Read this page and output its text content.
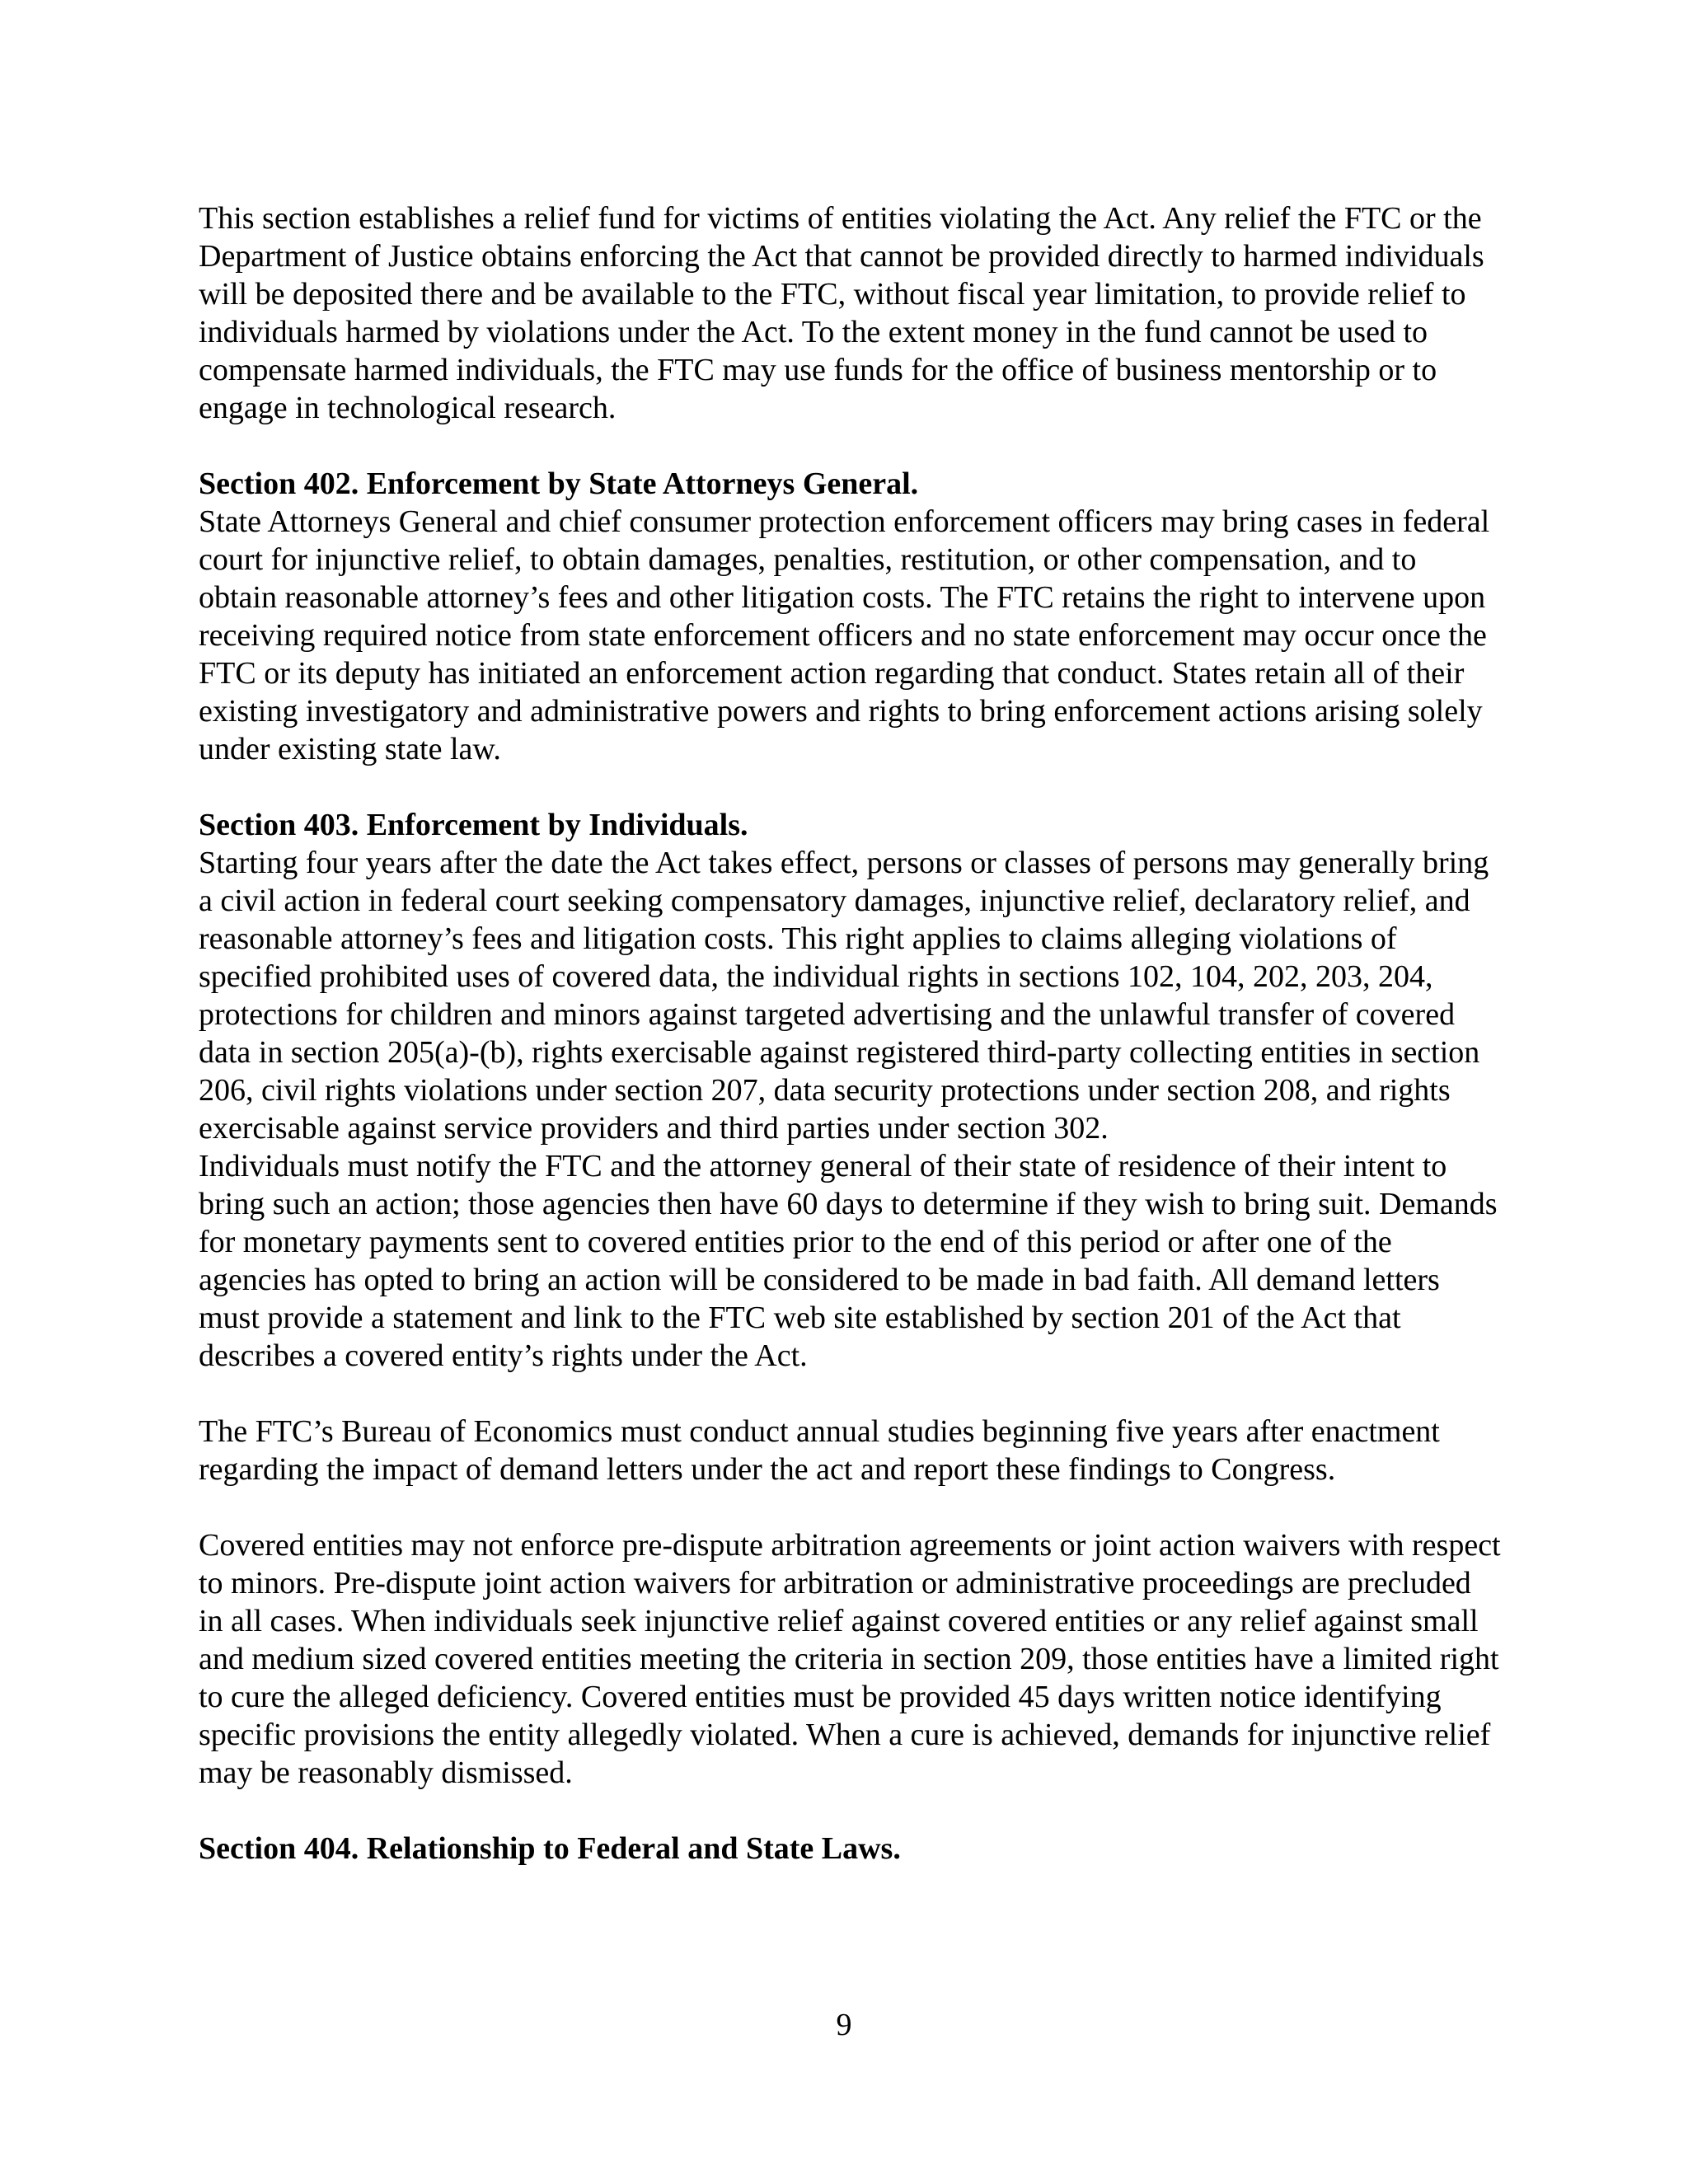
This section establishes a relief fund for victims of entities violating the Act. Any relief the FTC or the Department of Justice obtains enforcing the Act that cannot be provided directly to harmed individuals will be deposited there and be available to the FTC, without fiscal year limitation, to provide relief to individuals harmed by violations under the Act. To the extent money in the fund cannot be used to compensate harmed individuals, the FTC may use funds for the office of business mentorship or to engage in technological research.

Section 402. Enforcement by State Attorneys General.

State Attorneys General and chief consumer protection enforcement officers may bring cases in federal court for injunctive relief, to obtain damages, penalties, restitution, or other compensation, and to obtain reasonable attorney’s fees and other litigation costs. The FTC retains the right to intervene upon receiving required notice from state enforcement officers and no state enforcement may occur once the FTC or its deputy has initiated an enforcement action regarding that conduct. States retain all of their existing investigatory and administrative powers and rights to bring enforcement actions arising solely under existing state law.

Section 403. Enforcement by Individuals.

Starting four years after the date the Act takes effect, persons or classes of persons may generally bring a civil action in federal court seeking compensatory damages, injunctive relief, declaratory relief, and reasonable attorney’s fees and litigation costs. This right applies to claims alleging violations of specified prohibited uses of covered data, the individual rights in sections 102, 104, 202, 203, 204, protections for children and minors against targeted advertising and the unlawful transfer of covered data in section 205(a)-(b), rights exercisable against registered third-party collecting entities in section 206, civil rights violations under section 207, data security protections under section 208, and rights exercisable against service providers and third parties under section 302.

Individuals must notify the FTC and the attorney general of their state of residence of their intent to bring such an action; those agencies then have 60 days to determine if they wish to bring suit. Demands for monetary payments sent to covered entities prior to the end of this period or after one of the agencies has opted to bring an action will be considered to be made in bad faith. All demand letters must provide a statement and link to the FTC web site established by section 201 of the Act that describes a covered entity’s rights under the Act.

The FTC’s Bureau of Economics must conduct annual studies beginning five years after enactment regarding the impact of demand letters under the act and report these findings to Congress.

Covered entities may not enforce pre-dispute arbitration agreements or joint action waivers with respect to minors. Pre-dispute joint action waivers for arbitration or administrative proceedings are precluded in all cases. When individuals seek injunctive relief against covered entities or any relief against small and medium sized covered entities meeting the criteria in section 209, those entities have a limited right to cure the alleged deficiency. Covered entities must be provided 45 days written notice identifying specific provisions the entity allegedly violated. When a cure is achieved, demands for injunctive relief may be reasonably dismissed.

Section 404. Relationship to Federal and State Laws.

9
